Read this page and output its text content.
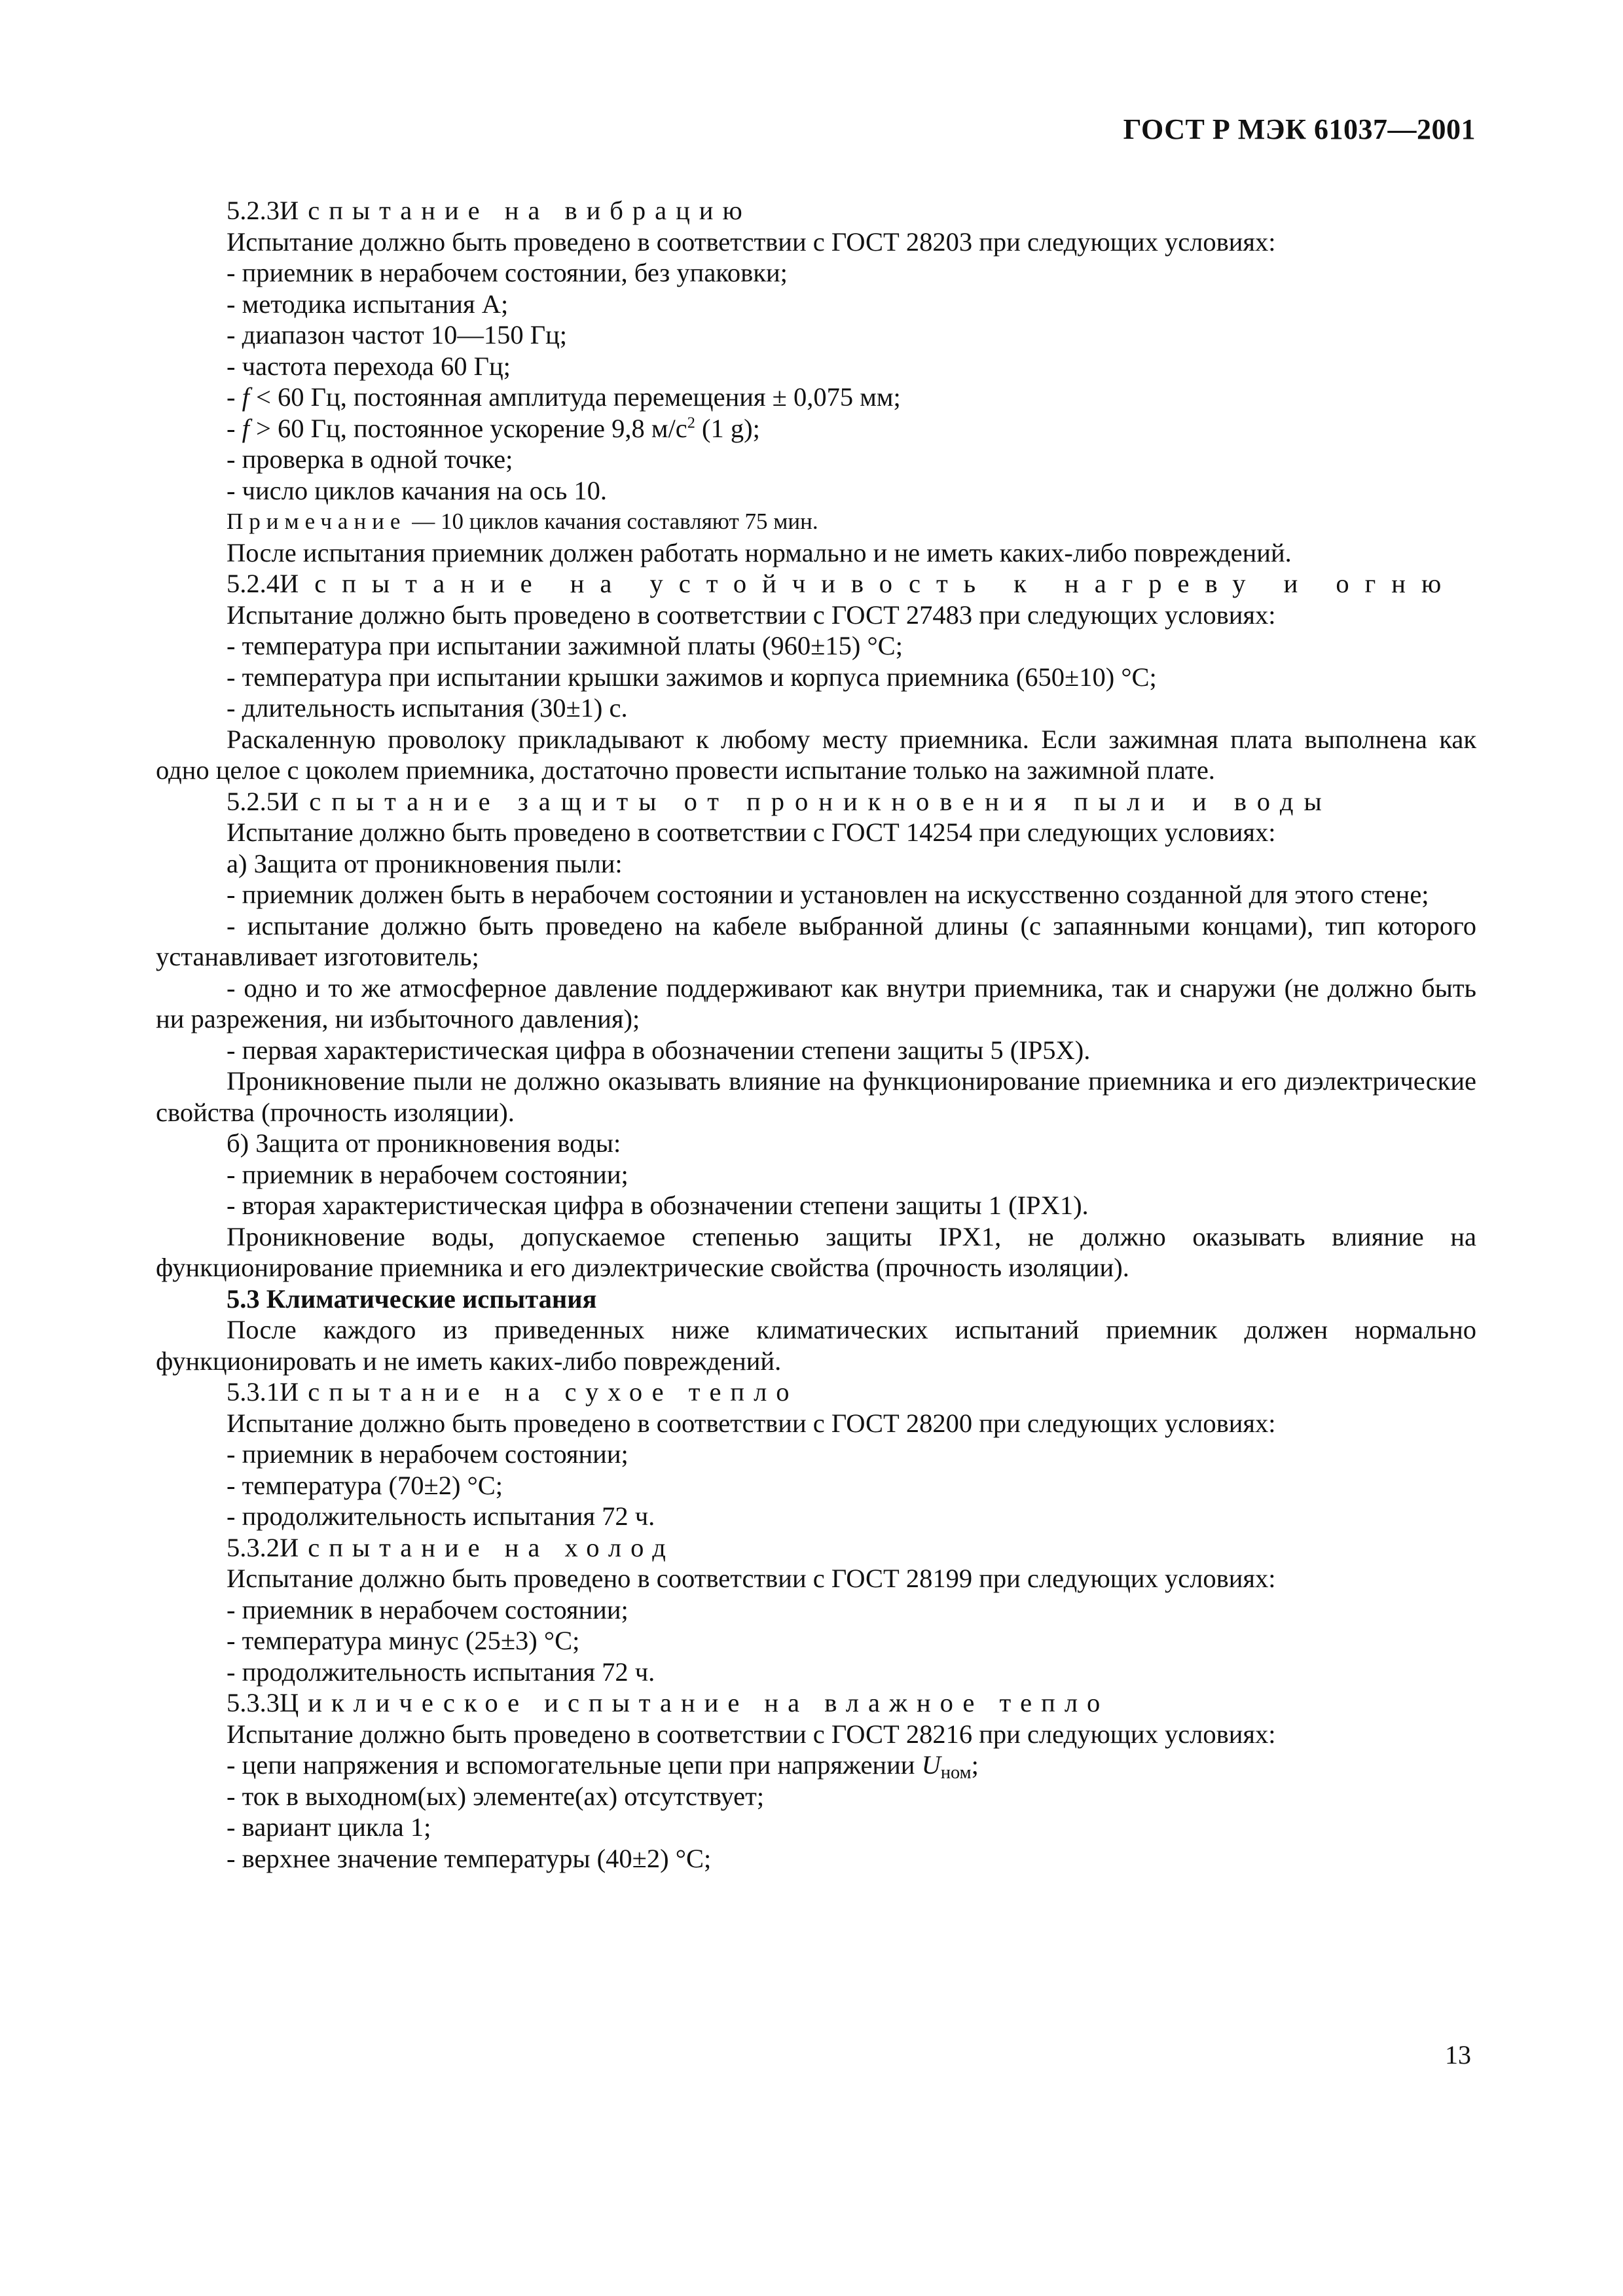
ГОСТ Р МЭК 61037—2001

5.2.3Испытание на вибрацию

Испытание должно быть проведено в соответствии с ГОСТ 28203 при следующих условиях:

- приемник в нерабочем состоянии, без упаковки;

- методика испытания А;

- диапазон частот 10—150 Гц;

- частота перехода 60 Гц;

- f < 60 Гц, постоянная амплитуда перемещения ± 0,075 мм;

- f > 60 Гц, постоянное ускорение 9,8 $м/с^2$ (1 g);

- проверка в одной точке;

- число циклов качания на ось 10.

Примечание — 10 циклов качания составляют 75 мин.

После испытания приемник должен работать нормально и не иметь каких-либо повреждений.

5.2.4Испытание на устойчивость к нагреву и огню

Испытание должно быть проведено в соответствии с ГОСТ 27483 при следующих условиях:

- температура при испытании зажимной платы (960±15) °С;

- температура при испытании крышки зажимов и корпуса приемника (650±10) °С;

- длительность испытания (30±1) с.

Раскаленную проволоку прикладывают к любому месту приемника. Если зажимная плата выполнена как одно целое с цоколем приемника, достаточно провести испытание только на зажимной плате.

5.2.5Испытание защиты от проникновения пыли и воды

Испытание должно быть проведено в соответствии с ГОСТ 14254 при следующих условиях:

а) Защита от проникновения пыли:

- приемник должен быть в нерабочем состоянии и установлен на искусственно созданной для этого стене;

- испытание должно быть проведено на кабеле выбранной длины (с запаянными концами), тип которого устанавливает изготовитель;

- одно и то же атмосферное давление поддерживают как внутри приемника, так и снаружи (не должно быть ни разрежения, ни избыточного давления);

- первая характеристическая цифра в обозначении степени защиты 5 (IP5X).

Проникновение пыли не должно оказывать влияние на функционирование приемника и его диэлектрические свойства (прочность изоляции).

б) Защита от проникновения воды:

- приемник в нерабочем состоянии;

- вторая характеристическая цифра в обозначении степени защиты 1 (IPX1).

Проникновение воды, допускаемое степенью защиты IPX1, не должно оказывать влияние на функционирование приемника и его диэлектрические свойства (прочность изоляции).

5.3 Климатические испытания

После каждого из приведенных ниже климатических испытаний приемник должен нормально функционировать и не иметь каких-либо повреждений.

5.3.1Испытание на сухое тепло

Испытание должно быть проведено в соответствии с ГОСТ 28200 при следующих условиях:

- приемник в нерабочем состоянии;

- температура (70±2) °С;

- продолжительность испытания 72 ч.

5.3.2Испытание на холод

Испытание должно быть проведено в соответствии с ГОСТ 28199 при следующих условиях:

- приемник в нерабочем состоянии;

- температура минус (25±3) °С;

- продолжительность испытания 72 ч.

5.3.3Циклическое испытание на влажное тепло

Испытание должно быть проведено в соответствии с ГОСТ 28216 при следующих условиях:

- цепи напряжения и вспомогательные цепи при напряжении $U_{ном}$;

- ток в выходном(ых) элементе(ах) отсутствует;

- вариант цикла 1;

- верхнее значение температуры (40±2) °С;

13
